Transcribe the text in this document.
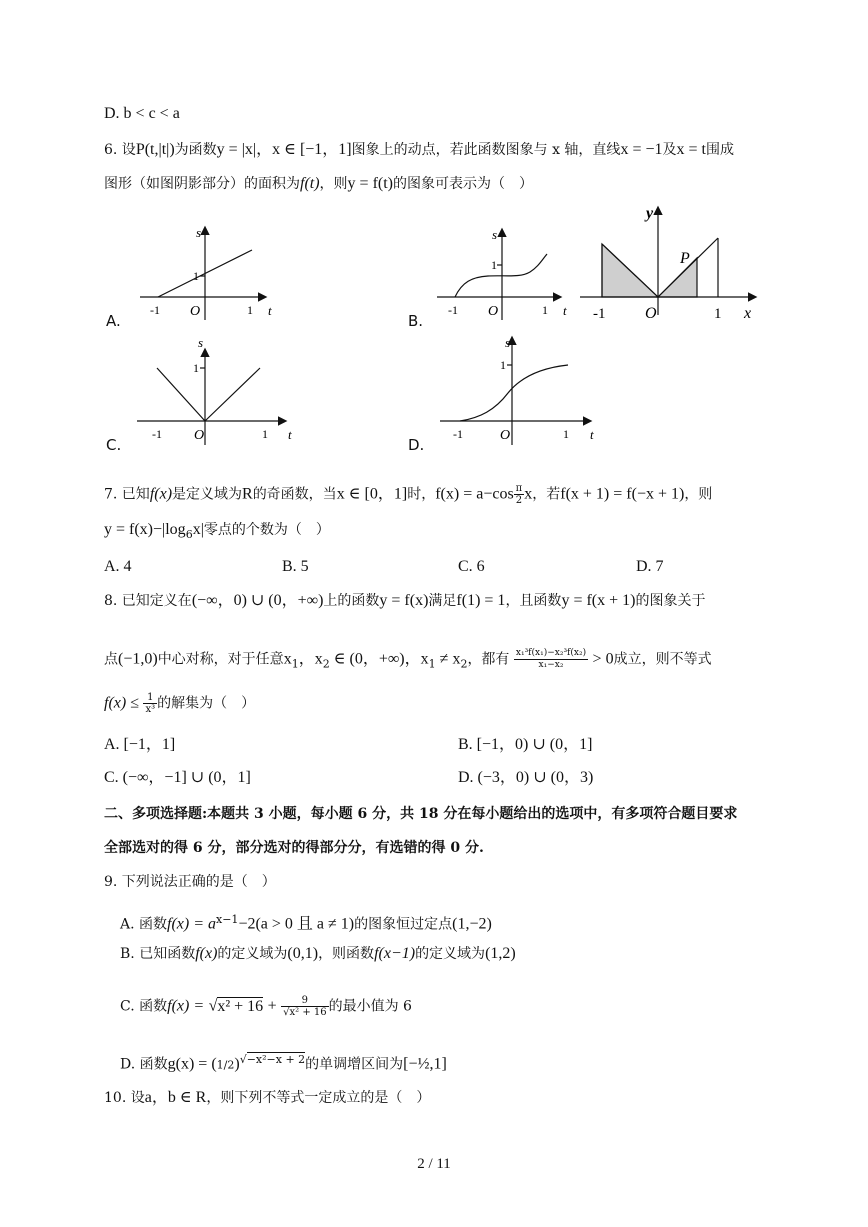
D. b < c < a
6. 设P(t,|t|)为函数y = |x|，x ∈ [−1，1]图象上的动点，若此函数图象与 x 轴，直线x = −1及x = t围成
图形（如图阴影部分）的面积为f(t)，则y = f(t)的图象可表示为（　）
s
t
O
-1	1
1
s
t
O
-1	1
1
y
x
P
O
-1	1
s
t
O
-1	1
1
s
t
O
-1	1
1
A.	B.
C.	D.
7. 已知f(x)是定义域为R的奇函数，当x ∈ [0，1]时，$f(x) = a-\cos \frac{\pi}{2}$ x，若f(x + 1) = f(−x + 1)，则
$y = f(x)-|\log_6x|$零点的个数为（　）
A. 4	B. 5	C. 6	D. 7
8. 已知定义在(−∞，0) ∪ (0，+∞)上的函数y = f(x)满足f(1) = 1，且函数y = f(x + 1)的图象关于
点(−1,0)中心对称，对于任意$x_1$，$x_2$ ∈ (0，+∞)，$x_1 \ne x_2$，都有 $\frac{\text{x₁³f(x₁)−x₂³f(x₂)}}{\text{x₁−x₂}} > 0$成立，则不等式
$f(x) \le \frac{1}{\text{x³}}$ 的解集为（　）
A. [−1，1]	B. [−1，0) ∪ (0，1]
C. (−∞，−1] ∪ (0，1]	D. (−3，0) ∪ (0，3)
二、多项选择题:本题共 3 小题，每小题 6 分，共 18 分在每小题给出的选项中，有多项符合题目要求
全部选对的得 6 分，部分选对的得部分分，有选错的得 0 分.
9. 下列说法正确的是（　）
A. 函数$f(x) = a^{x-1}-2(a > 0$ 且 a ≠ 1)的图象恒过定点(1,−2)
B. 已知函数f(x)的定义域为(0,1)，则函数f(x−1)的定义域为(1,2)
C. 函数$f(x) = √x^2 + 16 + \frac{9}{\text{√x² + 16}}$ 的最小值为 6
D. 函数$g(x) = (1/2)^{√-x^2-x + 2}$的单调增区间为[−½,1]
10. 设a，b ∈ R，则下列不等式一定成立的是（　）
2 / 11
